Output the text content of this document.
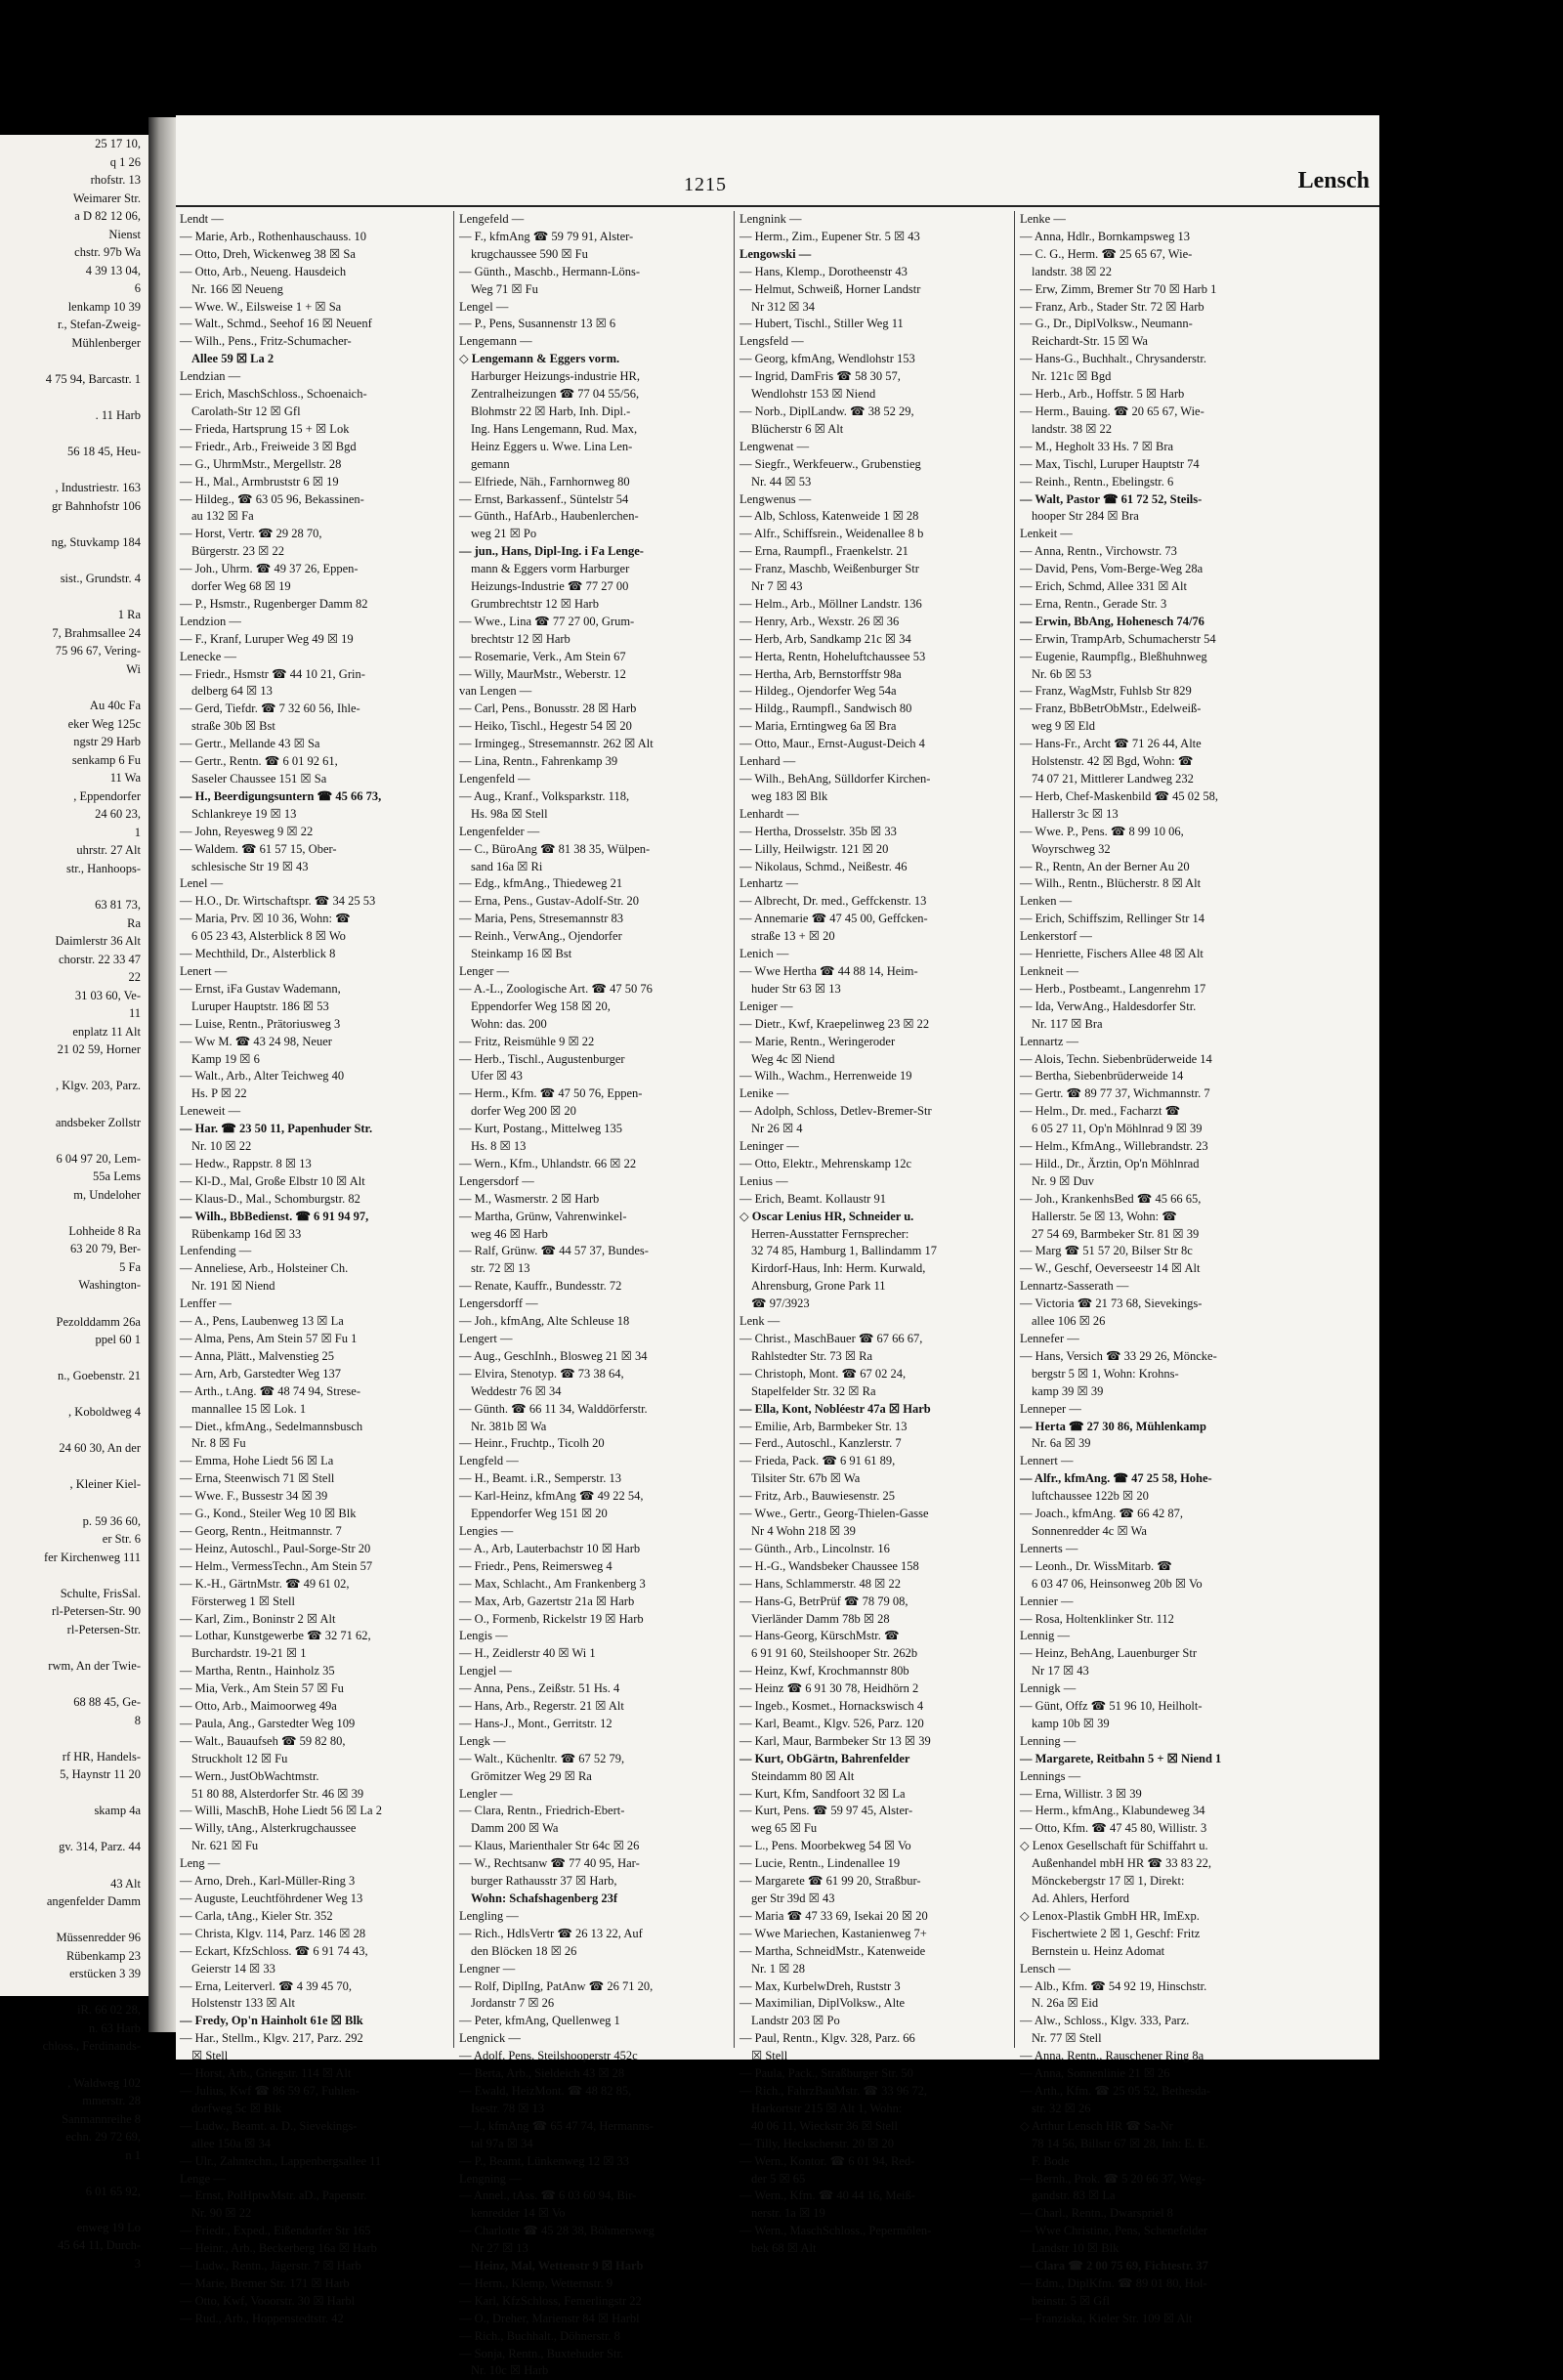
25 17 10,
q 1 26
rhofstr. 13
Weimarer Str.
a D 82 12 06,
Nienst
chstr. 97b Wa
4 39 13 04,
6
lenkamp 10 39
r., Stefan-Zweig-
Mühlenberger

4 75 94, Barcastr. 1

. 11 Harb

56 18 45, Heu-

, Industriestr. 163
gr Bahnhofstr 106

ng, Stuvkamp 184

sist., Grundstr. 4

1 Ra
7, Brahmsallee 24
75 96 67, Vering-
Wi

Au 40c Fa
eker Weg 125c
ngstr 29 Harb
senkamp 6 Fu
11 Wa
, Eppendorfer
24 60 23,
1
uhrstr. 27 Alt
str., Hanhoops-

63 81 73,
Ra
Daimlerstr 36 Alt
chorstr. 22 33 47
22
31 03 60, Ve-
11
enplatz 11 Alt
21 02 59, Horner

, Klgv. 203, Parz.

andsbeker Zollstr

6 04 97 20, Lem-
55a Lems
m, Undeloher

Lohheide 8 Ra
63 20 79, Ber-
5 Fa
Washington-

Pezolddamm 26a
ppel 60 1

n., Goebenstr. 21

, Koboldweg 4

24 60 30, An der

, Kleiner Kiel-

p. 59 36 60,
er Str. 6
fer Kirchenweg 111

Schulte, FrisSal.
rl-Petersen-Str. 90
rl-Petersen-Str.

rwm, An der Twie-

68 88 45, Ge-
8

rf HR, Handels-
5, Haynstr 11 20

skamp 4a

gv. 314, Parz. 44

43 Alt
angenfelder Damm

Müssenredder 96
Rübenkamp 23
erstücken 3 39

iR. 66 02 28,
n. 63 Harb
chloss., Ferdinands-

, Waldweg 102
mmerstr. 28
Sanmannreihe 8
echn. 29 72 69,
n 1

6 01 65 92,

enweg 19 Lo
45 64 11, Durch-
3
1215	Lensch
Lendt —
— Marie, Arb., Rothenhausch​auss. 10
— Otto, Dreh, Wickenweg 38 ☒ Sa
— Otto, Arb., Neueng. Hausdeich
Nr. 166 ☒ Neueng
— Wwe. W., Eilsweise 1 + ☒ Sa
— Walt., Schmd., Seehof 16 ☒ Neuenf
— Wilh., Pens., Fritz-Schumacher-
Allee 59 ☒ La 2
Lendzian —
— Erich, MaschSchloss., Schoenaich-
Carolath-Str 12 ☒ Gfl
— Frieda, Hartsprung 15 + ☒ Lok
— Friedr., Arb., Freiweide 3 ☒ Bgd
— G., UhrmMstr., Mergellstr. 28
— H., Mal., Armbruststr 6 ☒ 19
— Hildeg., ☎ 63 05 96, Bekassinen-
au 132 ☒ Fa
— Horst, Vertr. ☎ 29 28 70,
Bürgerstr. 23 ☒ 22
— Joh., Uhrm. ☎ 49 37 26, Eppen-
dorfer Weg 68 ☒ 19
— P., Hsmstr., Rugenberger Damm 82
Lendzion —
— F., Kranf, Luruper Weg 49 ☒ 19
Lenecke —
— Friedr., Hsmstr ☎ 44 10 21, Grin-
delberg 64 ☒ 13
— Gerd, Tiefdr. ☎ 7 32 60 56, Ihle-
straße 30b ☒ Bst
— Gertr., Mellande 43 ☒ Sa
— Gertr., Rentn. ☎ 6 01 92 61,
Saseler Chaussee 151 ☒ Sa
— H., Beerdigungsuntern ☎ 45 66 73,
Schlankreye 19 ☒ 13
— John, Reyesweg 9 ☒ 22
— Waldem. ☎ 61 57 15, Ober-
schlesische Str 19 ☒ 43
Lenel —
— H.O., Dr. Wirtschaftspr. ☎ 34 25 53
— Maria, Prv. ☒ 10 36, Wohn: ☎
6 05 23 43, Alsterblick 8 ☒ Wo
— Mechthild, Dr., Alsterblick 8
Lenert —
— Ernst, iFa Gustav Wademann,
Luruper Hauptstr. 186 ☒ 53
— Luise, Rentn., Prätoriusweg 3
— Ww M. ☎ 43 24 98, Neuer
Kamp 19 ☒ 6
— Walt., Arb., Alter Teichweg 40
Hs. P ☒ 22
Leneweit —
— Har. ☎ 23 50 11, Papenhuder Str.
Nr. 10 ☒ 22
— Hedw., Rappstr. 8 ☒ 13
— Kl-D., Mal, Große Elbstr 10 ☒ Alt
— Klaus-D., Mal., Schomburgstr. 82
— Wilh., BbBedienst. ☎ 6 91 94 97,
Rübenkamp 16d ☒ 33
Lenfending —
— Anneliese, Arb., Holsteiner Ch.
Nr. 191 ☒ Niend
Lenffer —
— A., Pens, Laubenweg 13 ☒ La
— Alma, Pens, Am Stein 57 ☒ Fu 1
— Anna, Plätt., Malvenstieg 25
— Arn, Arb, Garstedter Weg 137
— Arth., t.Ang. ☎ 48 74 94, Strese-
mannallee 15 ☒ Lok. 1
— Diet., kfmAng., Sedelmannsbusch
Nr. 8 ☒ Fu
— Emma, Hohe Liedt 56 ☒ La
— Erna, Steenwisch 71 ☒ Stell
— Wwe. F., Bussestr 34 ☒ 39
— G., Kond., Steiler Weg 10 ☒ Blk
— Georg, Rentn., Heitmannstr. 7
— Heinz, Autoschl., Paul-Sorge-Str 20
— Helm., VermessTechn., Am Stein 57
— K.-H., GärtnMstr. ☎ 49 61 02,
Försterweg 1 ☒ Stell
— Karl, Zim., Boninstr 2 ☒ Alt
— Lothar, Kunstgewerbe ☎ 32 71 62,
Burchardstr. 19-21 ☒ 1
— Martha, Rentn., Hainholz 35
— Mia, Verk., Am Stein 57 ☒ Fu
— Otto, Arb., Maimoorweg 49a
— Paula, Ang., Garstedter Weg 109
— Walt., Bauaufseh ☎ 59 82 80,
Struckholt 12 ☒ Fu
— Wern., JustObWachtmstr.
51 80 88, Alsterdorfer Str. 46 ☒ 39
— Willi, MaschB, Hohe Liedt 56 ☒ La 2
— Willy, tAng., Alsterkrugchaussee
Nr. 621 ☒ Fu
Leng —
— Arno, Dreh., Karl-Müller-Ring 3
— Auguste, Leuchtföhrdener Weg 13
— Carla, tAng., Kieler Str. 352
— Christa, Klgv. 114, Parz. 146 ☒ 28
— Eckart, KfzSchloss. ☎ 6 91 74 43,
Geierstr 14 ☒ 33
— Erna, Leiterverl. ☎ 4 39 45 70,
Holstenstr 133 ☒ Alt
— Fredy, Op'n Hainholt 61e ☒ Blk
— Har., Stellm., Klgv. 217, Parz. 292
☒ Stell
— Horst, Arb., Griegstr. 114 ☒ Alt
— Julius, Kwf ☎ 86 59 67, Fuhlen-
dorfweg 5c ☒ Blk
— Ludw., Beamt. a. D., Sievekings-
allee 150a ☒ 34
— Ulr., Zahntechn., Lappenbergsallee 11
Lenge —
— Ernst, PolHptwMstr. aD., Papenstr.
Nr. 90 ☒ 22
— Friedr., Exped., Eißendorfer Str 165
— Heinr., Arb., Beckerberg 16a ☒ Harb
— Ludw., Rentn., Jägerstr. 7 ☒ Harb
— Marie, Bremer Str. 171 ☒ Harb
— Otto, Kwf, Vooorstr. 30 ☒ Harbl
— Rud., Arb., Hoppenstedtstr. 42
Lengefeld —
— F., kfmAng ☎ 59 79 91, Alster-
krugchaussee 590 ☒ Fu
— Günth., Maschb., Hermann-Löns-
Weg 71 ☒ Fu
Lengel —
— P., Pens, Susannenstr 13 ☒ 6
Lengemann —
◇ Lengemann & Eggers vorm.
Harburger Heizungs-industrie HR,
Zentralheizungen ☎ 77 04 55/56,
Blohmstr 22 ☒ Harb, Inh. Dipl.-
Ing. Hans Lengemann, Rud. Max,
Heinz Eggers u. Wwe. Lina Len-
gemann
— Elfriede, Näh., Farnhornweg 80
— Ernst, Barkassenf., Süntelstr 54
— Günth., HafArb., Haubenlerchen-
weg 21 ☒ Po
— jun., Hans, Dipl-Ing. i Fa Lenge-
mann & Eggers vorm Harburger
Heizungs-Industrie ☎ 77 27 00
Grumbrechtstr 12 ☒ Harb
— Wwe., Lina ☎ 77 27 00, Grum-
brechtstr 12 ☒ Harb
— Rosemarie, Verk., Am Stein 67
— Willy, MaurMstr., Weberstr. 12
van Lengen —
— Carl, Pens., Bonusstr. 28 ☒ Harb
— Heiko, Tischl., Hegestr 54 ☒ 20
— Irmingeg., Stresemannstr. 262 ☒ Alt
— Lina, Rentn., Fahrenkamp 39
Lengenfeld —
— Aug., Kranf., Volksparkstr. 118,
Hs. 98a ☒ Stell
Lengenfelder —
— C., BüroAng ☎ 81 38 35, Wülpen-
sand 16a ☒ Ri
— Edg., kfmAng., Thiedeweg 21
— Erna, Pens., Gustav-Adolf-Str. 20
— Maria, Pens, Stresemannstr 83
— Reinh., VerwAng., Ojendorfer
Steinkamp 16 ☒ Bst
Lenger —
— A.-L., Zoologische Art. ☎ 47 50 76
Eppendorfer Weg 158 ☒ 20,
Wohn: das. 200
— Fritz, Reismühle 9 ☒ 22
— Herb., Tischl., Augustenburger
Ufer ☒ 43
— Herm., Kfm. ☎ 47 50 76, Eppen-
dorfer Weg 200 ☒ 20
— Kurt, Postang., Mittelweg 135
Hs. 8 ☒ 13
— Wern., Kfm., Uhlandstr. 66 ☒ 22
Lengersdorf —
— M., Wasmerstr. 2 ☒ Harb
— Martha, Grünw, Vahrenwinkel-
weg 46 ☒ Harb
— Ralf, Grünw. ☎ 44 57 37, Bundes-
str. 72 ☒ 13
— Renate, Kauffr., Bundesstr. 72
Lengersdorff —
— Joh., kfmAng, Alte Schleuse 18
Lengert —
— Aug., GeschInh., Blosweg 21 ☒ 34
— Elvira, Stenotyp. ☎ 73 38 64,
Weddestr 76 ☒ 34
— Günth. ☎ 66 11 34, Walddörferstr.
Nr. 381b ☒ Wa
— Heinr., Fruchtp., Ticolh 20
Lengfeld —
— H., Beamt. i.R., Semperstr. 13
— Karl-Heinz, kfmAng ☎ 49 22 54,
Eppendorfer Weg 151 ☒ 20
Lengies —
— A., Arb, Lauterbachstr 10 ☒ Harb
— Friedr., Pens, Reimersweg 4
— Max, Schlacht., Am Frankenberg 3
— Max, Arb, Gazertstr 21a ☒ Harb
— O., Formenb, Rickelstr 19 ☒ Harb
Lengis —
— H., Zeidlerstr 40 ☒ Wi 1
Lengjel —
— Anna, Pens., Zeißstr. 51 Hs. 4
— Hans, Arb., Regerstr. 21 ☒ Alt
— Hans-J., Mont., Gerritstr. 12
Lengk —
— Walt., Küchenltr. ☎ 67 52 79,
Grömitzer Weg 29 ☒ Ra
Lengler —
— Clara, Rentn., Friedrich-Ebert-
Damm 200 ☒ Wa
— Klaus, Marienthaler Str 64c ☒ 26
— W., Rechtsanw ☎ 77 40 95, Har-
burger Rathausstr 37 ☒ Harb,
Wohn: Schafshagenberg 23f
Lengling —
— Rich., HdlsVertr ☎ 26 13 22, Auf
den Blöcken 18 ☒ 26
Lengner —
— Rolf, DiplIng, PatAnw ☎ 26 71 20,
Jordanstr 7 ☒ 26
— Peter, kfmAng, Quellenweg 1
Lengnick —
— Adolf, Pens, Steilshooperstr 452c
— Berta, Arb., Sieldeich 43 ☒ 28
— Ewald, HeizMont. ☎ 48 82 85,
Isestr. 78 ☒ 13
— J., kfmAng ☎ 65 47 74, Hermanns-
tal 97a ☒ 34
— P., Beamt, Lünkenweg 12 ☒ 33
Lengning —
— Annel., tAss. ☎ 6 03 60 94, Bir-
kenredder 14 ☒ Vo
— Charlotte ☎ 45 28 38, Böhmersweg
Nr 27 ☒ 13
— Heinz, Mal, Wettenstr 9 ☒ Harb
— Herm., Klemp, Wetternstr. 9
— Karl, KfzSchloss, Femerlingstr 22
— O., Dreher, Marienstr 84 ☒ Harbl
— Rich., Buchhalt., Döhnerstr. 8
— Sonja, Rentn., Buxtehuder Str.
Nr. 10c ☒ Harb
Lengnink —
— Herm., Zim., Eupener Str. 5 ☒ 43
Lengowski —
— Hans, Klemp., Dorotheenstr 43
— Helmut, Schweiß, Horner Landstr
Nr 312 ☒ 34
— Hubert, Tischl., Stiller Weg 11
Lengsfeld —
— Georg, kfmAng, Wendlohstr 153
— Ingrid, DamFris ☎ 58 30 57,
Wendlohstr 153 ☒ Niend
— Norb., DiplLandw. ☎ 38 52 29,
Blücherstr 6 ☒ Alt
Lengwenat —
— Siegfr., Werkfeuerw., Grubenstieg
Nr. 44 ☒ 53
Lengwenus —
— Alb, Schloss, Katenweide 1 ☒ 28
— Alfr., Schiffsrein., Weidenallee 8 b
— Erna, Raumpfl., Fraenkelstr. 21
— Franz, Maschb, Weißenburger Str
Nr 7 ☒ 43
— Helm., Arb., Möllner Landstr. 136
— Henry, Arb., Wexstr. 26 ☒ 36
— Herb, Arb, Sandkamp 21c ☒ 34
— Herta, Rentn, Hoheluftchaussee 53
— Hertha, Arb, Bernstorffstr 98a
— Hildeg., Ojendorfer Weg 54a
— Hildg., Raumpfl., Sandwisch 80
— Maria, Erntingweg 6a ☒ Bra
— Otto, Maur., Ernst-August-Deich 4
Lenhard —
— Wilh., BehAng, Sülldorfer Kirchen-
weg 183 ☒ Blk
Lenhardt —
— Hertha, Drosselstr. 35b ☒ 33
— Lilly, Heilwigstr. 121 ☒ 20
— Nikolaus, Schmd., Neißestr. 46
Lenhartz —
— Albrecht, Dr. med., Geffckenstr. 13
— Annemarie ☎ 47 45 00, Geffcken-
straße 13 + ☒ 20
Lenich —
— Wwe Hertha ☎ 44 88 14, Heim-
huder Str 63 ☒ 13
Leniger —
— Dietr., Kwf, Kraepelinweg 23 ☒ 22
— Marie, Rentn., Weringeroder
Weg 4c ☒ Niend
— Wilh., Wachm., Herrenweide 19
Lenike —
— Adolph, Schloss, Detlev-Bremer-Str
Nr 26 ☒ 4
Leninger —
— Otto, Elektr., Mehrenskamp 12c
Lenius —
— Erich, Beamt. Kollaustr 91
◇ Oscar Lenius HR, Schneider u.
Herren-Ausstatter Fernsprecher:
32 74 85, Hamburg 1, Ballindamm 17
Kirdorf-Haus, Inh: Herm. Kurwald,
Ahrensburg, Grone Park 11
☎ 97/3923
Lenk —
— Christ., MaschBauer ☎ 67 66 67,
Rahlstedter Str. 73 ☒ Ra
— Christoph, Mont. ☎ 67 02 24,
Stapelfelder Str. 32 ☒ Ra
— Ella, Kont, Nobléestr 47a ☒ Harb
— Emilie, Arb, Barmbeker Str. 13
— Ferd., Autoschl., Kanzlerstr. 7
— Frieda, Pack. ☎ 6 91 61 89,
Tilsiter Str. 67b ☒ Wa
— Fritz, Arb., Bauwiesenstr. 25
— Wwe., Gertr., Georg-Thielen-Gasse
Nr 4 Wohn 218 ☒ 39
— Günth., Arb., Lincolnstr. 16
— H.-G., Wandsbeker Chaussee 158
— Hans, Schlammerstr. 48 ☒ 22
— Hans-G, BetrPrüf ☎ 78 79 08,
Vierländer Damm 78b ☒ 28
— Hans-Georg, KürschMstr. ☎
6 91 91 60, Steilshooper Str. 262b
— Heinz, Kwf, Krochmannstr 80b
— Heinz ☎ 6 91 30 78, Heidhörn 2
— Ingeb., Kosmet., Hornackswisch 4
— Karl, Beamt., Klgv. 526, Parz. 120
— Karl, Maur, Barmbeker Str 13 ☒ 39
— Kurt, ObGärtn, Bahrenfelder
Steindamm 80 ☒ Alt
— Kurt, Kfm, Sandfoort 32 ☒ La
— Kurt, Pens. ☎ 59 97 45, Alster-
weg 65 ☒ Fu
— L., Pens. Moorbekweg 54 ☒ Vo
— Lucie, Rentn., Lindenallee 19
— Margarete ☎ 61 99 20, Straßbur-
ger Str 39d ☒ 43
— Maria ☎ 47 33 69, Isekai 20 ☒ 20
— Wwe Mariechen, Kastanienweg 7+
— Martha, SchneidMstr., Katenweide
Nr. 1 ☒ 28
— Max, KurbelwDreh, Ruststr 3
— Maximilian, DiplVolksw., Alte
Landstr 203 ☒ Po
— Paul, Rentn., Klgv. 328, Parz. 66
☒ Stell
— Paula, Pack., Straßburger Str. 50
— Rich., FahrzBauMstr. ☎ 33 96 72,
Harkortstr 215 ☒ Alt 1, Wohn:
40 06 11, Wieckstr 36 ☒ Stell
— Tilly, Heckscherstr. 20 ☒ 20
— Wern., Kontor. ☎ 6 01 94, Red-
der 5 ☒ 65
— Wern., Kfm. ☎ 40 44 16, Meiß-
nerstr. 1a ☒ 19
— Wern., MaschSchloss., Pepermölen-
bek 68 ☒ Alt
Lenke —
— Anna, Hdlr., Bornkampsweg 13
— C. G., Herm. ☎ 25 65 67, Wie-
landstr. 38 ☒ 22
— Erw, Zimm, Bremer Str 70 ☒ Harb 1
— Franz, Arb., Stader Str. 72 ☒ Harb
— G., Dr., DiplVolksw., Neumann-
Reichardt-Str. 15 ☒ Wa
— Hans-G., Buchhalt., Chrysanderstr.
Nr. 121c ☒ Bgd
— Herb., Arb., Hoffstr. 5 ☒ Harb
— Herm., Bauing. ☎ 20 65 67, Wie-
landstr. 38 ☒ 22
— M., Hegholt 33 Hs. 7 ☒ Bra
— Max, Tischl, Luruper Hauptstr 74
— Reinh., Rentn., Ebelingstr. 6
— Walt, Pastor ☎ 61 72 52, Steils-
hooper Str 284 ☒ Bra
Lenkeit —
— Anna, Rentn., Virchowstr. 73
— David, Pens, Vom-Berge-Weg 28a
— Erich, Schmd, Allee 331 ☒ Alt
— Erna, Rentn., Gerade Str. 3
— Erwin, BbAng, Hohenesch 74/76
— Erwin, TrampArb, Schumacherstr 54
— Eugenie, Raumpflg., Bleßhuhnweg
Nr. 6b ☒ 53
— Franz, WagMstr, Fuhlsb Str 829
— Franz, BbBetrObMstr., Edelweiß-
weg 9 ☒ Eld
— Hans-Fr., Archt ☎ 71 26 44, Alte
Holstenstr. 42 ☒ Bgd, Wohn: ☎
74 07 21, Mittlerer Landweg 232
— Herb, Chef-Maskenbild ☎ 45 02 58,
Hallerstr 3c ☒ 13
— Wwe. P., Pens. ☎ 8 99 10 06,
Woyrschweg 32
— R., Rentn, An der Berner Au 20
— Wilh., Rentn., Blücherstr. 8 ☒ Alt
Lenken —
— Erich, Schiffszim, Rellinger Str 14
Lenkerstorf —
— Henriette, Fischers Allee 48 ☒ Alt
Lenkneit —
— Herb., Postbeamt., Langenrehm 17
— Ida, VerwAng., Haldesdorfer Str.
Nr. 117 ☒ Bra
Lennartz —
— Alois, Techn. Siebenbrüderweide 14
— Bertha, Siebenbrüderweide 14
— Gertr. ☎ 89 77 37, Wichmannstr. 7
— Helm., Dr. med., Facharzt ☎
6 05 27 11, Op'n Möhlnrad 9 ☒ 39
— Helm., KfmAng., Willebrandstr. 23
— Hild., Dr., Ärztin, Op'n Möhlnrad
Nr. 9 ☒ Duv
— Joh., KrankenhsBed ☎ 45 66 65,
Hallerstr. 5e ☒ 13, Wohn: ☎
27 54 69, Barmbeker Str. 81 ☒ 39
— Marg ☎ 51 57 20, Bilser Str 8c
— W., Geschf, Oeverseestr 14 ☒ Alt
Lennartz-Sasserath —
— Victoria ☎ 21 73 68, Sievekings-
allee 106 ☒ 26
Lennefer —
— Hans, Versich ☎ 33 29 26, Möncke-
bergstr 5 ☒ 1, Wohn: Krohns-
kamp 39 ☒ 39
Lenneper —
— Herta ☎ 27 30 86, Mühlenkamp
Nr. 6a ☒ 39
Lennert —
— Alfr., kfmAng. ☎ 47 25 58, Hohe-
luftchaussee 122b ☒ 20
— Joach., kfmAng. ☎ 66 42 87,
Sonnenredder 4c ☒ Wa
Lennerts —
— Leonh., Dr. WissMitarb. ☎
6 03 47 06, Heinsonweg 20b ☒ Vo
Lennier —
— Rosa, Holtenklinker Str. 112
Lennig —
— Heinz, BehAng, Lauenburger Str
Nr 17 ☒ 43
Lennigk —
— Günt, Offz ☎ 51 96 10, Heilholt-
kamp 10b ☒ 39
Lenning —
— Margarete, Reitbahn 5 + ☒ Niend 1
Lennings —
— Erna, Willistr. 3 ☒ 39
— Herm., kfmAng., Klabundeweg 34
— Otto, Kfm. ☎ 47 45 80, Willistr. 3
◇ Lenox Gesellschaft für Schiffahrt u.
Außenhandel mbH HR ☎ 33 83 22,
Mönckebergstr 17 ☒ 1, Direkt:
Ad. Ahlers, Herford
◇ Lenox-Plastik GmbH HR, ImExp.
Fischertwiete 2 ☒ 1, Geschf: Fritz
Bernstein u. Heinz Adomat
Lensch —
— Alb., Kfm. ☎ 54 92 19, Hinschstr.
N. 26a ☒ Eid
— Alw., Schloss., Klgv. 333, Parz.
Nr. 77 ☒ Stell
— Anna, Rentn., Rauschener Ring 8a
— Anna, Sonnenlinie 21 ☒ 26
— Arth., Kfm. ☎ 25 05 52, Bethesda-
str. 32 ☒ 26
◇ Arthur Lensch HR ☎ Sa-Nr
78 14 56, Billstr 67 ☒ 28, Inh: E. E.
F. Bode
— Bernh., Prok. ☎ 5 20 66 37, Weg-
gandstr. 83 ☒ La
— Charl., Rentn., Dwarspriel 8
— Wwe Christine, Pens, Schenefelder
Landstr 10 ☒ Blk
— Clara ☎ 2 00 75 69, Fichtestr. 37
— Edm., DiplKfm. ☎ 89 01 80, Hol-
beinstr. 5 ☒ Gfl
— Franziska, Kieler Str. 109 ☒ Alt
